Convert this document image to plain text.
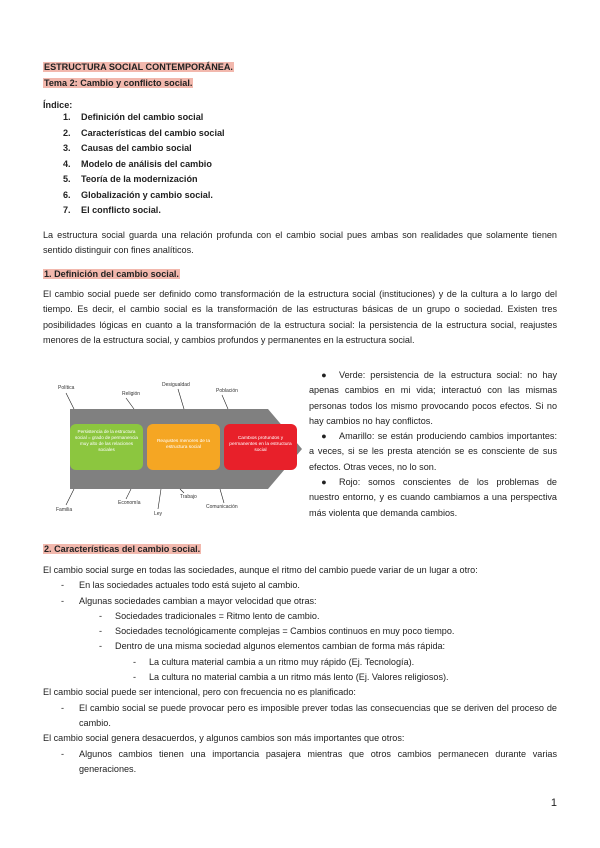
ESTRUCTURA SOCIAL CONTEMPORÁNEA.
Tema 2: Cambio y conflicto social.
Índice:
1. Definición del cambio social
2. Características del cambio social
3. Causas del cambio social
4. Modelo de análisis del cambio
5. Teoría de la modernización
6. Globalización y cambio social.
7. El conflicto social.
La estructura social guarda una relación profunda con el cambio social pues ambas son realidades que solamente tienen sentido distinguir con fines analíticos.
1. Definición del cambio social.
El cambio social puede ser definido como transformación de la estructura social (instituciones) y de la cultura a lo largo del tiempo. Es decir, el cambio social es la transformación de las estructuras básicas de un grupo o sociedad. Existen tres posibilidades lógicas en cuanto a la transformación de la estructura social: la persistencia de la estructura social, reajustes menores de la estructura social, y cambios profundos y permanentes en la estructura social.
Política
Religión
Desigualdad
Población
Familia
Economía
Ley
Trabajo
Comunicación
Persistencia de la estructura social = grado de permanencia muy alto de las relaciones sociales
Reajustes menores de la estructura social
Cambios profundos y permanentes en la estructura social
● Verde: persistencia de la estructura social: no hay apenas cambios en mi vida; interactuó con las mismas personas todos los mismo provocando pocos efectos. Si no hay cambios no hay conflictos.
● Amarillo: se están produciendo cambios importantes: a veces, si se les presta atención se es consciente de sus efectos. Otras veces, no lo son.
● Rojo: somos conscientes de los problemas de nuestro entorno, y es cuando cambiamos a una perspectiva más violenta que demanda cambios.
2. Características del cambio social.
El cambio social surge en todas las sociedades, aunque el ritmo del cambio puede variar de un lugar a otro:
- En las sociedades actuales todo está sujeto al cambio.
- Algunas sociedades cambian a mayor velocidad que otras:
- Sociedades tradicionales = Ritmo lento de cambio.
- Sociedades tecnológicamente complejas = Cambios continuos en muy poco tiempo.
- Dentro de una misma sociedad algunos elementos cambian de forma más rápida:
- La cultura material cambia a un ritmo muy rápido (Ej. Tecnología).
- La cultura no material cambia a un ritmo más lento (Ej. Valores religiosos).
El cambio social puede ser intencional, pero con frecuencia no es planificado:
- El cambio social se puede provocar pero es imposible prever todas las consecuencias que se deriven del proceso de cambio.
El cambio social genera desacuerdos, y algunos cambios son más importantes que otros:
- Algunos cambios tienen una importancia pasajera mientras que otros cambios permanecen durante varias generaciones.
1
